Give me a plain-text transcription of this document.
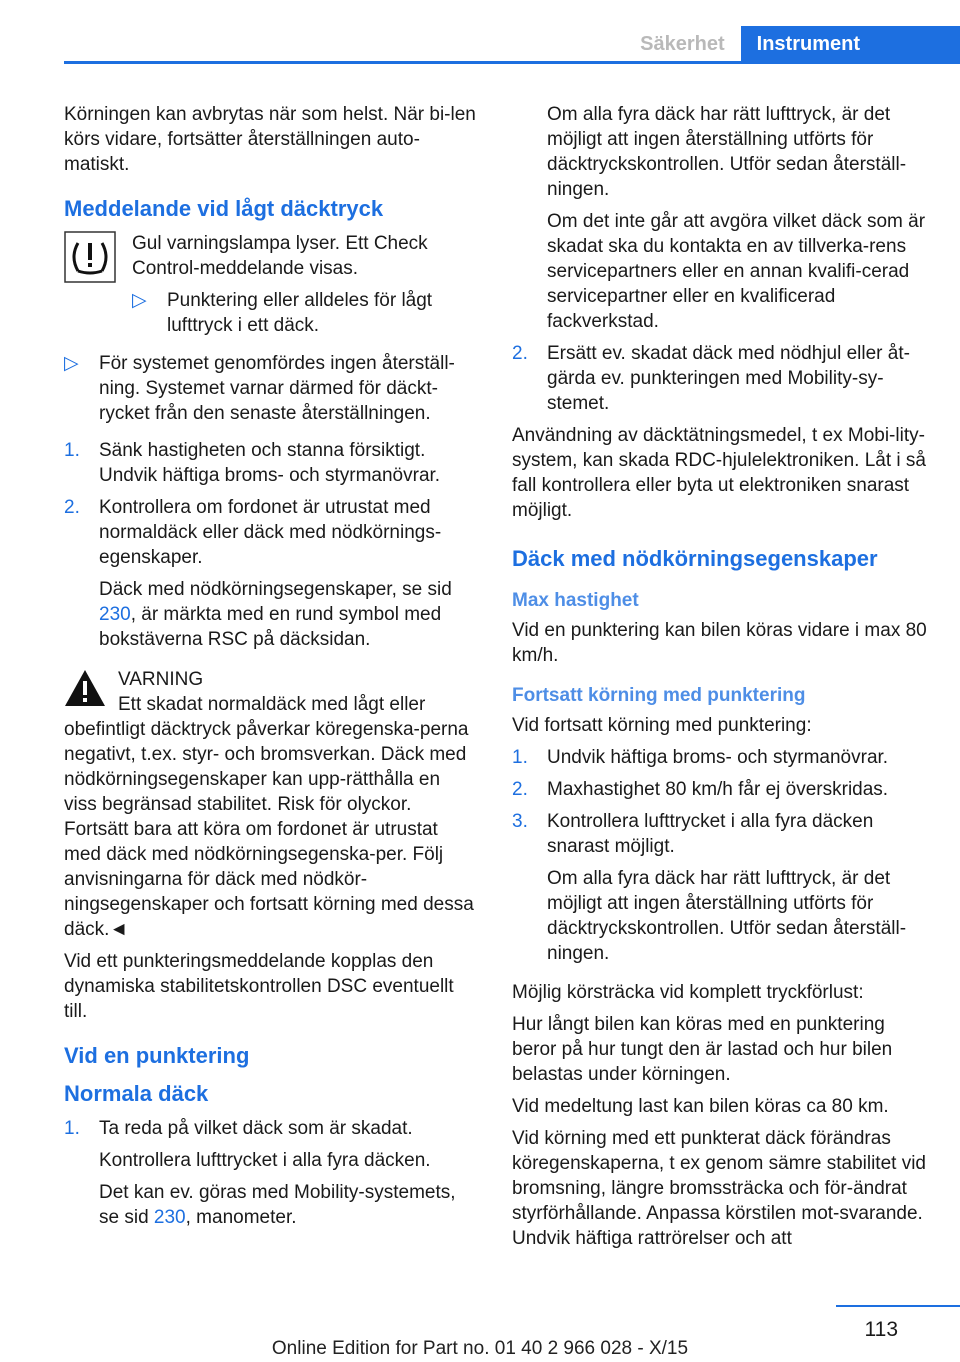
Säkerhet	Instrument

Körningen kan avbrytas när som helst. När bi-len körs vidare, fortsätter återställningen auto-matiskt.

Meddelande vid lågt däcktryck

Gul varningslampa lyser. Ett Check Control-meddelande visas.

▷	Punktering eller alldeles för lågt lufttryck i ett däck.
▷	För systemet genomfördes ingen återställ-ning. Systemet varnar därmed för däckt-rycket från den senaste återställningen.
1.	Sänk hastigheten och stanna försiktigt. Undvik häftiga broms- och styrmanövrar.
2.	Kontrollera om fordonet är utrustat med normaldäck eller däck med nödkörnings-egenskaper.

Däck med nödkörningsegenskaper, se sid 230, är märkta med en rund symbol med bokstäverna RSC på däcksidan.

VARNING

Ett skadat normaldäck med lågt eller obefintligt däcktryck påverkar köregenska-perna negativt, t.ex. styr- och bromsverkan. Däck med nödkörningsegenskaper kan upp-rätthålla en viss begränsad stabilitet. Risk för olyckor. Fortsätt bara att köra om fordonet är utrustat med däck med nödkörningsegenska-per. Följ anvisningarna för däck med nödkör-ningsegenskaper och fortsatt körning med dessa däck.◄

Vid ett punkteringsmeddelande kopplas den dynamiska stabilitetskontrollen DSC eventuellt till.

Vid en punktering
Normala däck
1.	Ta reda på vilket däck som är skadat.

Kontrollera lufttrycket i alla fyra däcken.

Det kan ev. göras med Mobility-systemets, se sid 230, manometer.

Om alla fyra däck har rätt lufttryck, är det möjligt att ingen återställning utförts för däcktryckskontrollen. Utför sedan återställ-ningen.

Om det inte går att avgöra vilket däck som är skadat ska du kontakta en av tillverka-rens servicepartners eller en annan kvalifi-cerad servicepartner eller en kvalificerad fackverkstad.

2.	Ersätt ev. skadat däck med nödhjul eller åt-gärda ev. punkteringen med Mobility-sy-stemet.

Användning av däcktätningsmedel, t ex Mobi-lity-system, kan skada RDC-hjulelektroniken. Låt i så fall kontrollera eller byta ut elektroniken snarast möjligt.

Däck med nödkörningsegenskaper
Max hastighet

Vid en punktering kan bilen köras vidare i max 80 km/h.

Fortsatt körning med punktering

Vid fortsatt körning med punktering:

1.	Undvik häftiga broms- och styrmanövrar.
2.	Maxhastighet 80 km/h får ej överskridas.
3.	Kontrollera lufttrycket i alla fyra däcken snarast möjligt.

Om alla fyra däck har rätt lufttryck, är det möjligt att ingen återställning utförts för däcktryckskontrollen. Utför sedan återställ-ningen.

Möjlig körsträcka vid komplett tryckförlust:

Hur långt bilen kan köras med en punktering beror på hur tungt den är lastad och hur bilen belastas under körningen.

Vid medeltung last kan bilen köras ca 80 km.

Vid körning med ett punkterat däck förändras köregenskaperna, t ex genom sämre stabilitet vid bromsning, längre bromssträcka och för-ändrat styrförhållande. Anpassa körstilen mot-svarande. Undvik häftiga rattrörelser och att

113
Online Edition for Part no. 01 40 2 966 028 - X/15
